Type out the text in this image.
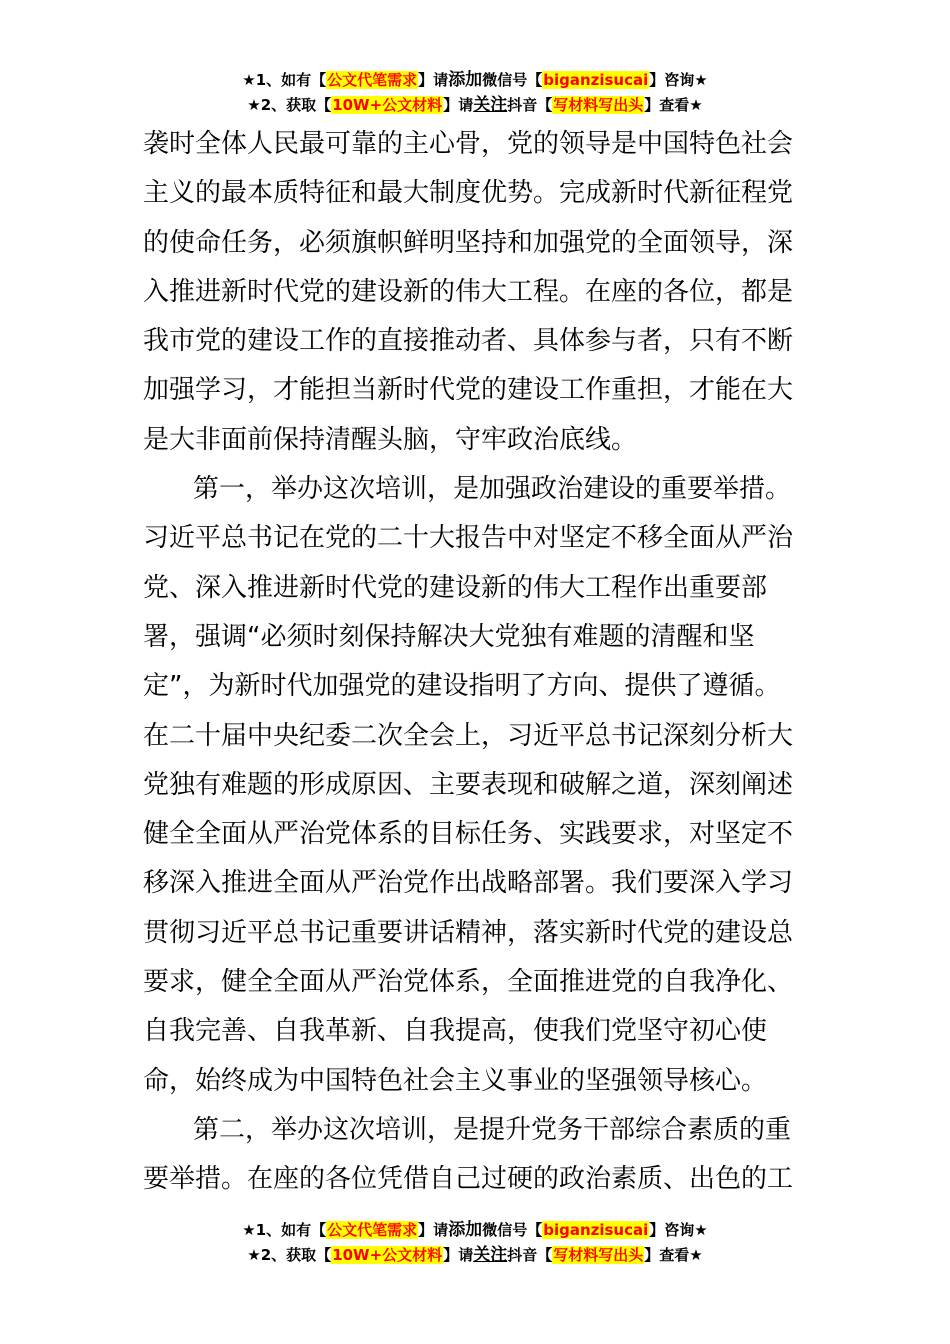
★1、如有【公文代笔需求】请添加微信号【biganzisucai】咨询★
★2、获取【10W+公文材料】请关注抖音【写材料写出头】查看★
袭时全体人民最可靠的主心骨，党的领导是中国特色社会
主义的最本质特征和最大制度优势。完成新时代新征程党
的使命任务，必须旗帜鲜明坚持和加强党的全面领导，深
入推进新时代党的建设新的伟大工程。在座的各位，都是
我市党的建设工作的直接推动者、具体参与者，只有不断
加强学习，才能担当新时代党的建设工作重担，才能在大
是大非面前保持清醒头脑，守牢政治底线。
第一，举办这次培训，是加强政治建设的重要举措。
习近平总书记在党的二十大报告中对坚定不移全面从严治
党、深入推进新时代党的建设新的伟大工程作出重要部
署，强调“必须时刻保持解决大党独有难题的清醒和坚
定”，为新时代加强党的建设指明了方向、提供了遵循。
在二十届中央纪委二次全会上，习近平总书记深刻分析大
党独有难题的形成原因、主要表现和破解之道，深刻阐述
健全全面从严治党体系的目标任务、实践要求，对坚定不
移深入推进全面从严治党作出战略部署。我们要深入学习
贯彻习近平总书记重要讲话精神，落实新时代党的建设总
要求，健全全面从严治党体系，全面推进党的自我净化、
自我完善、自我革新、自我提高，使我们党坚守初心使
命，始终成为中国特色社会主义事业的坚强领导核心。
第二，举办这次培训，是提升党务干部综合素质的重
要举措。在座的各位凭借自己过硬的政治素质、出色的工
★1、如有【公文代笔需求】请添加微信号【biganzisucai】咨询★
★2、获取【10W+公文材料】请关注抖音【写材料写出头】查看★
